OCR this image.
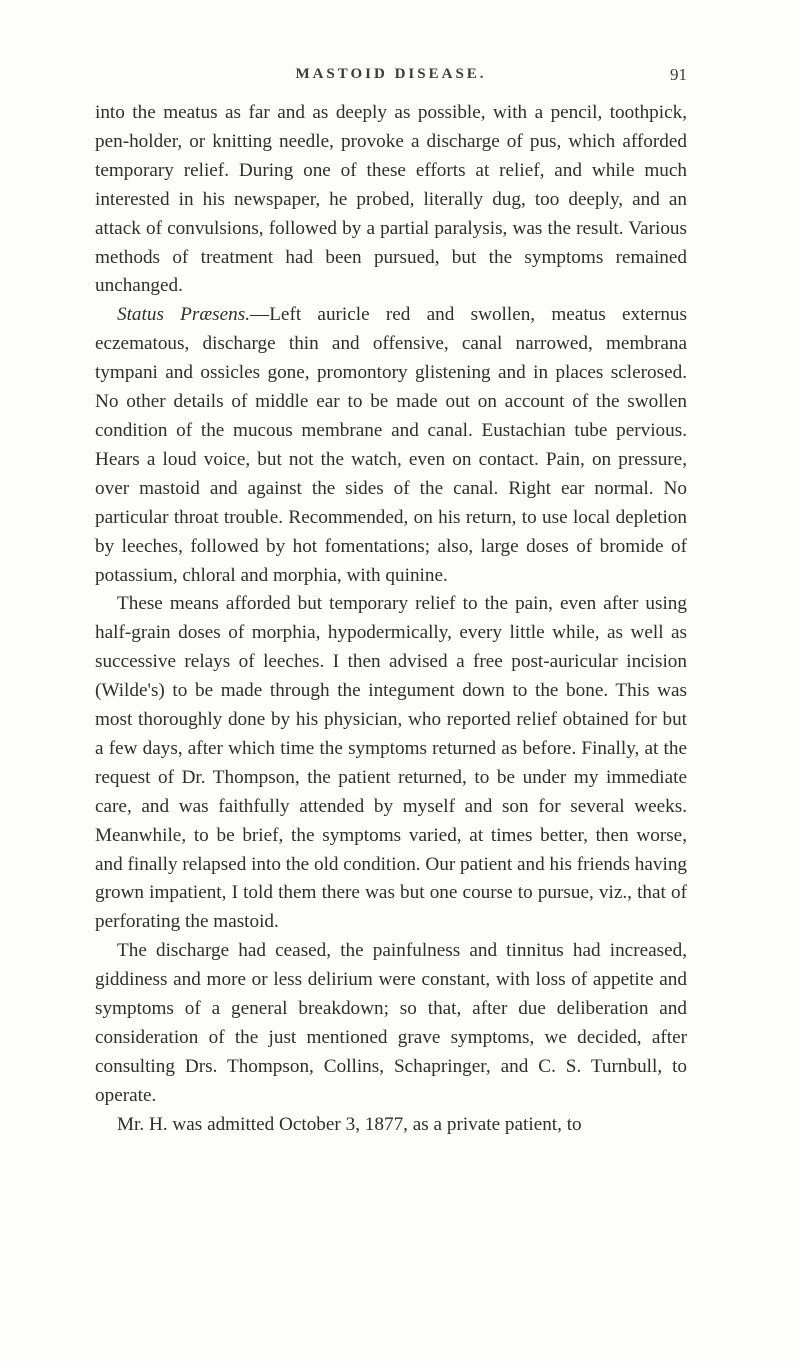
MASTOID DISEASE.	91

into the meatus as far and as deeply as possible, with a pencil, toothpick, pen-holder, or knitting needle, provoke a discharge of pus, which afforded temporary relief. During one of these efforts at relief, and while much interested in his newspaper, he probed, literally dug, too deeply, and an attack of convulsions, followed by a partial paralysis, was the result. Various methods of treatment had been pursued, but the symptoms remained unchanged.

Status Præsens.—Left auricle red and swollen, meatus externus eczematous, discharge thin and offensive, canal narrowed, membrana tympani and ossicles gone, promontory glistening and in places sclerosed. No other details of middle ear to be made out on account of the swollen condition of the mucous membrane and canal. Eustachian tube pervious. Hears a loud voice, but not the watch, even on contact. Pain, on pressure, over mastoid and against the sides of the canal. Right ear normal. No particular throat trouble. Recommended, on his return, to use local depletion by leeches, followed by hot fomentations; also, large doses of bromide of potassium, chloral and morphia, with quinine.

These means afforded but temporary relief to the pain, even after using half-grain doses of morphia, hypodermically, every little while, as well as successive relays of leeches. I then advised a free post-auricular incision (Wilde's) to be made through the integument down to the bone. This was most thoroughly done by his physician, who reported relief obtained for but a few days, after which time the symptoms returned as before. Finally, at the request of Dr. Thompson, the patient returned, to be under my immediate care, and was faithfully attended by myself and son for several weeks. Meanwhile, to be brief, the symptoms varied, at times better, then worse, and finally relapsed into the old condition. Our patient and his friends having grown impatient, I told them there was but one course to pursue, viz., that of perforating the mastoid.

The discharge had ceased, the painfulness and tinnitus had increased, giddiness and more or less delirium were constant, with loss of appetite and symptoms of a general breakdown; so that, after due deliberation and consideration of the just mentioned grave symptoms, we decided, after consulting Drs. Thompson, Collins, Schapringer, and C. S. Turnbull, to operate.

Mr. H. was admitted October 3, 1877, as a private patient, to
